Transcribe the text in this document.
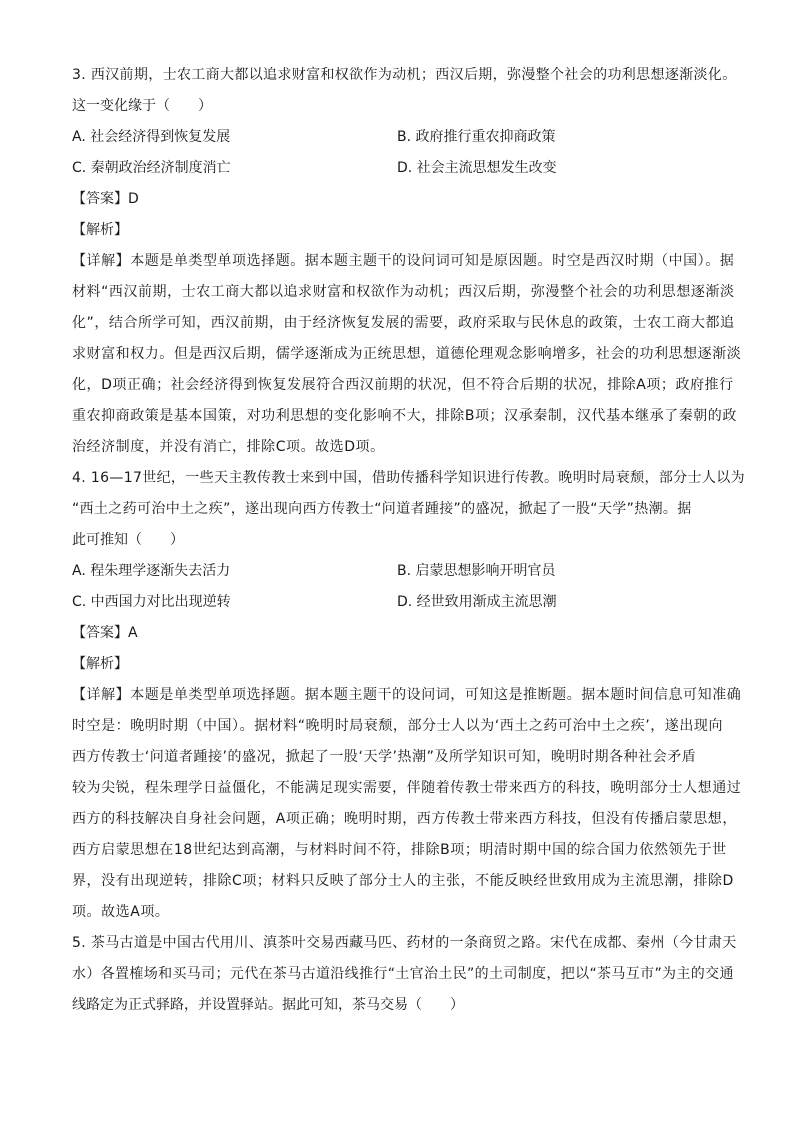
3. 西汉前期，士农工商大都以追求财富和权欲作为动机；西汉后期，弥漫整个社会的功利思想逐渐淡化。
这一变化缘于（　　）
A. 社会经济得到恢复发展	B. 政府推行重农抑商政策
C. 秦朝政治经济制度消亡	D. 社会主流思想发生改变
【答案】D
【解析】
【详解】本题是单类型单项选择题。据本题主题干的设问词可知是原因题。时空是西汉时期（中国）。据
材料“西汉前期，士农工商大都以追求财富和权欲作为动机；西汉后期，弥漫整个社会的功利思想逐渐淡
化”，结合所学可知，西汉前期，由于经济恢复发展的需要，政府采取与民休息的政策，士农工商大都追
求财富和权力。但是西汉后期，儒学逐渐成为正统思想，道德伦理观念影响增多，社会的功利思想逐渐淡
化，D项正确；社会经济得到恢复发展符合西汉前期的状况，但不符合后期的状况，排除A项；政府推行
重农抑商政策是基本国策，对功利思想的变化影响不大，排除B项；汉承秦制，汉代基本继承了秦朝的政
治经济制度，并没有消亡，排除C项。故选D项。
4. 16—17世纪，一些天主教传教士来到中国，借助传播科学知识进行传教。晚明时局衰颓，部分士人以为
“西土之药可治中土之疾”，遂出现向西方传教士“问道者踵接”的盛况，掀起了一股“天学”热潮。据
此可推知（　　）
A. 程朱理学逐渐失去活力	B. 启蒙思想影响开明官员
C. 中西国力对比出现逆转	D. 经世致用渐成主流思潮
【答案】A
【解析】
【详解】本题是单类型单项选择题。据本题主题干的设问词，可知这是推断题。据本题时间信息可知准确
时空是：晚明时期（中国）。据材料“晚明时局衰颓，部分士人以为‘西土之药可治中土之疾’，遂出现向
西方传教士‘问道者踵接’的盛况，掀起了一股‘天学’热潮”及所学知识可知，晚明时期各种社会矛盾
较为尖锐，程朱理学日益僵化，不能满足现实需要，伴随着传教士带来西方的科技，晚明部分士人想通过
西方的科技解决自身社会问题，A项正确；晚明时期，西方传教士带来西方科技，但没有传播启蒙思想，
西方启蒙思想在18世纪达到高潮，与材料时间不符，排除B项；明清时期中国的综合国力依然领先于世
界，没有出现逆转，排除C项；材料只反映了部分士人的主张，不能反映经世致用成为主流思潮，排除D
项。故选A项。
5. 茶马古道是中国古代用川、滇茶叶交易西藏马匹、药材的一条商贸之路。宋代在成都、秦州（今甘肃天
水）各置榷场和买马司；元代在茶马古道沿线推行“土官治土民”的土司制度，把以“茶马互市”为主的交通
线路定为正式驿路，并设置驿站。据此可知，茶马交易（　　）
